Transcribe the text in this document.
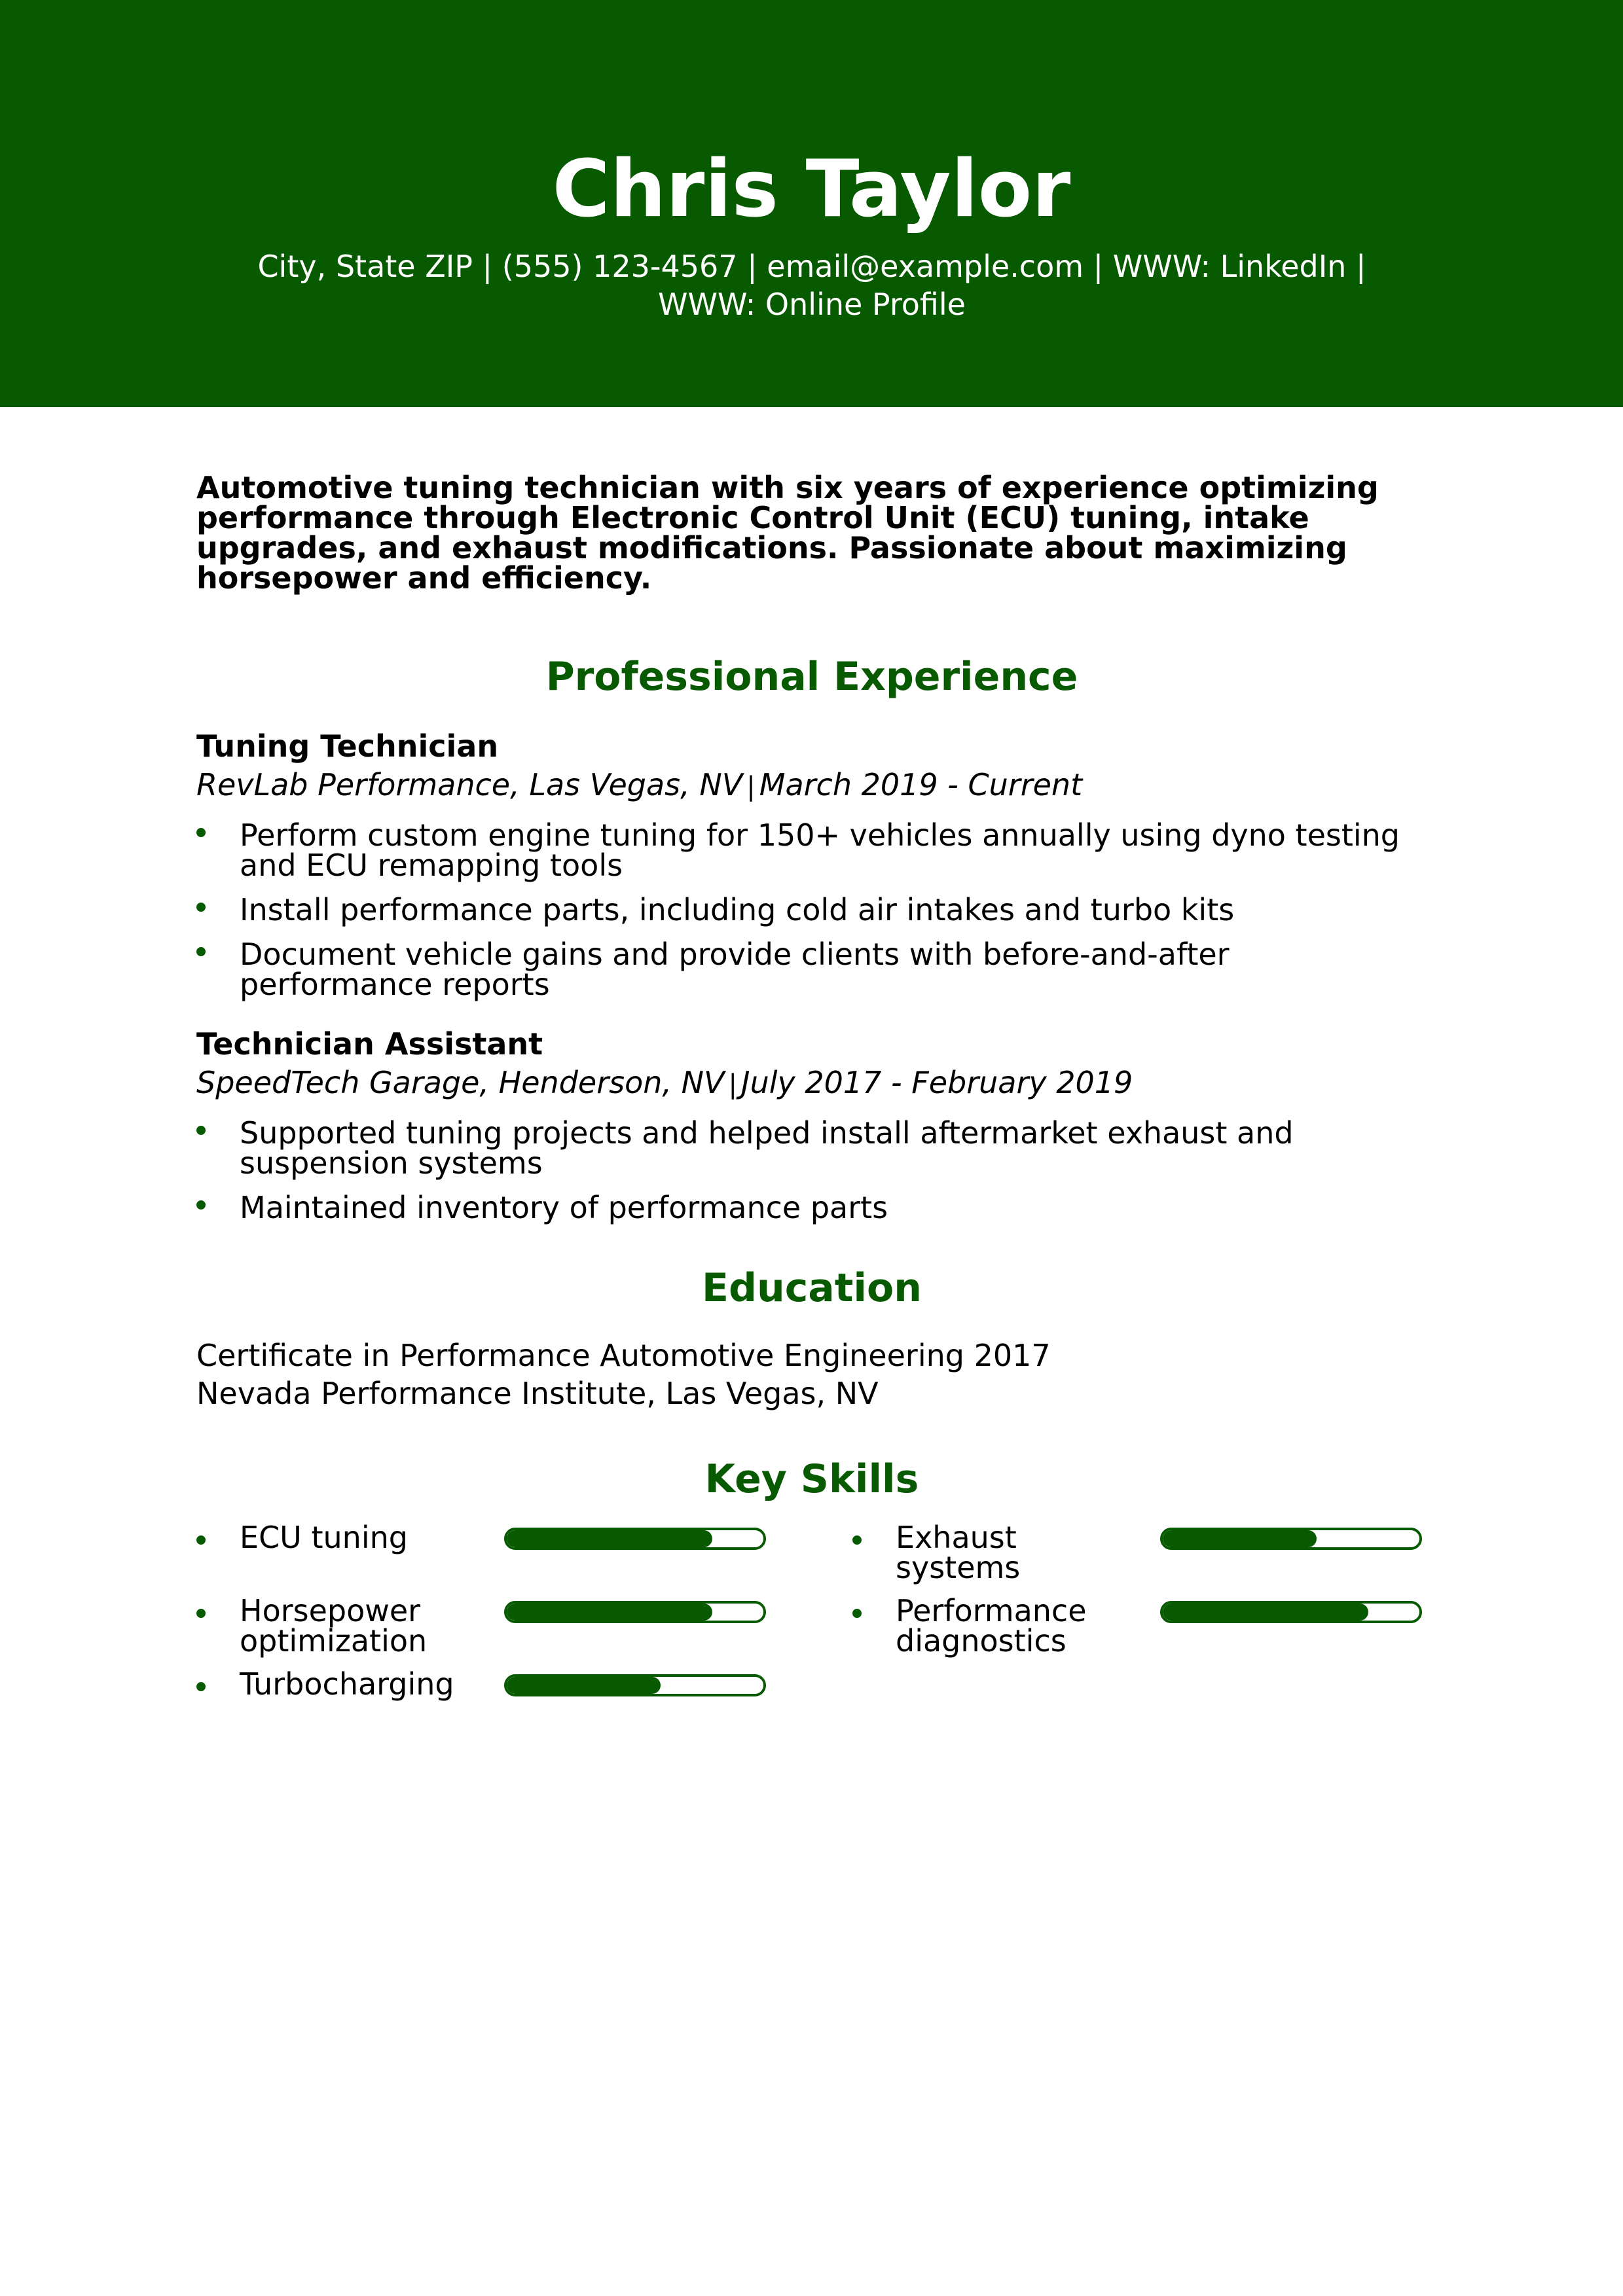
Chris Taylor

City, State ZIP | (555) 123-4567 | email@example.com | WWW: LinkedIn | WWW: Online Profile

Automotive tuning technician with six years of experience optimizing performance through Electronic Control Unit (ECU) tuning, intake upgrades, and exhaust modifications. Passionate about maximizing horsepower and efficiency.

Professional Experience

Tuning Technician

RevLab Performance, Las Vegas, NV | March 2019 - Current

Perform custom engine tuning for 150+ vehicles annually using dyno testing and ECU remapping tools
Install performance parts, including cold air intakes and turbo kits
Document vehicle gains and provide clients with before-and-after performance reports

Technician Assistant

SpeedTech Garage, Henderson, NV | July 2017 - February 2019

Supported tuning projects and helped install aftermarket exhaust and suspension systems
Maintained inventory of performance parts
Education

Certificate in Performance Automotive Engineering 2017

Nevada Performance Institute, Las Vegas, NV

Key Skills
ECU tuning	Exhaust systems
Horsepower optimization
Performance diagnostics
Turbocharging
